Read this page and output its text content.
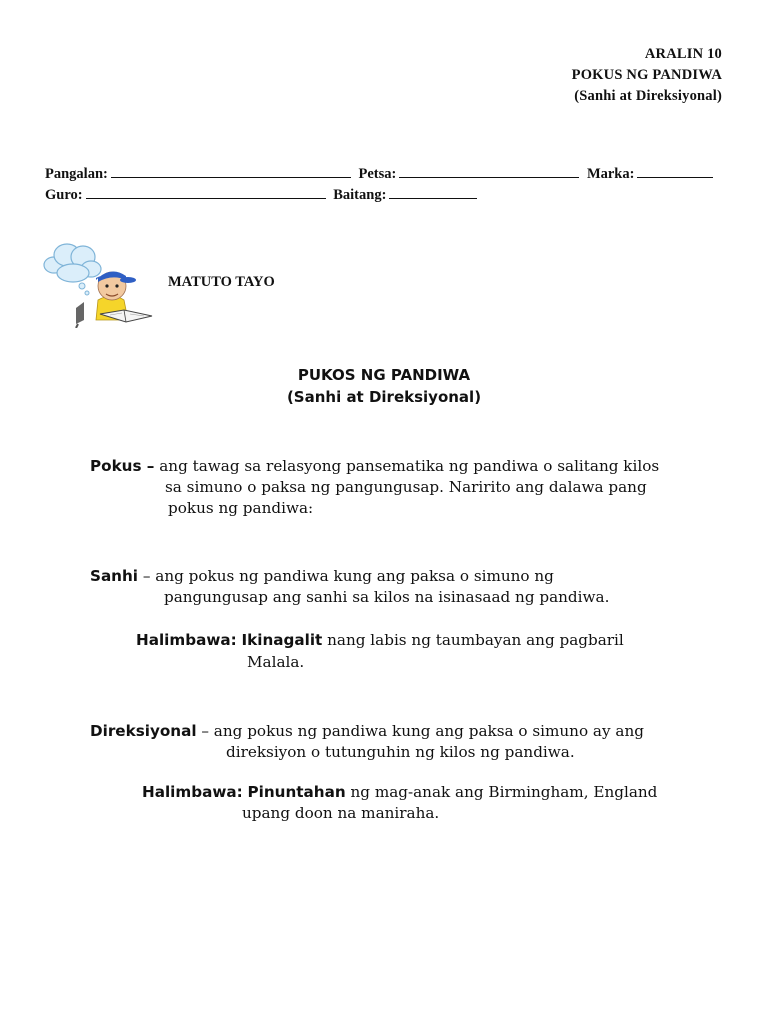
ARALIN 10
POKUS NG PANDIWA
(Sanhi at Direksiyonal)
Pangalan:	Petsa:	Marka:
Guro:	Baitang:
MATUTO TAYO
PUKOS NG PANDIWA
(Sanhi at Direksiyonal)
Pokus – ang tawag sa relasyong pansematika ng pandiwa o salitang kilos
sa simuno o paksa ng pangungusap. Naririto ang dalawa pang
pokus ng pandiwa:
Sanhi – ang pokus ng pandiwa kung ang paksa o simuno ng
pangungusap ang sanhi sa kilos na isinasaad ng pandiwa.
Halimbawa: Ikinagalit nang labis ng taumbayan ang pagbaril
Malala.
Direksiyonal – ang pokus ng pandiwa kung ang paksa o simuno ay ang
direksiyon o tutunguhin ng kilos ng pandiwa.
Halimbawa: Pinuntahan ng mag-anak ang Birmingham, England
upang doon na maniraha.
